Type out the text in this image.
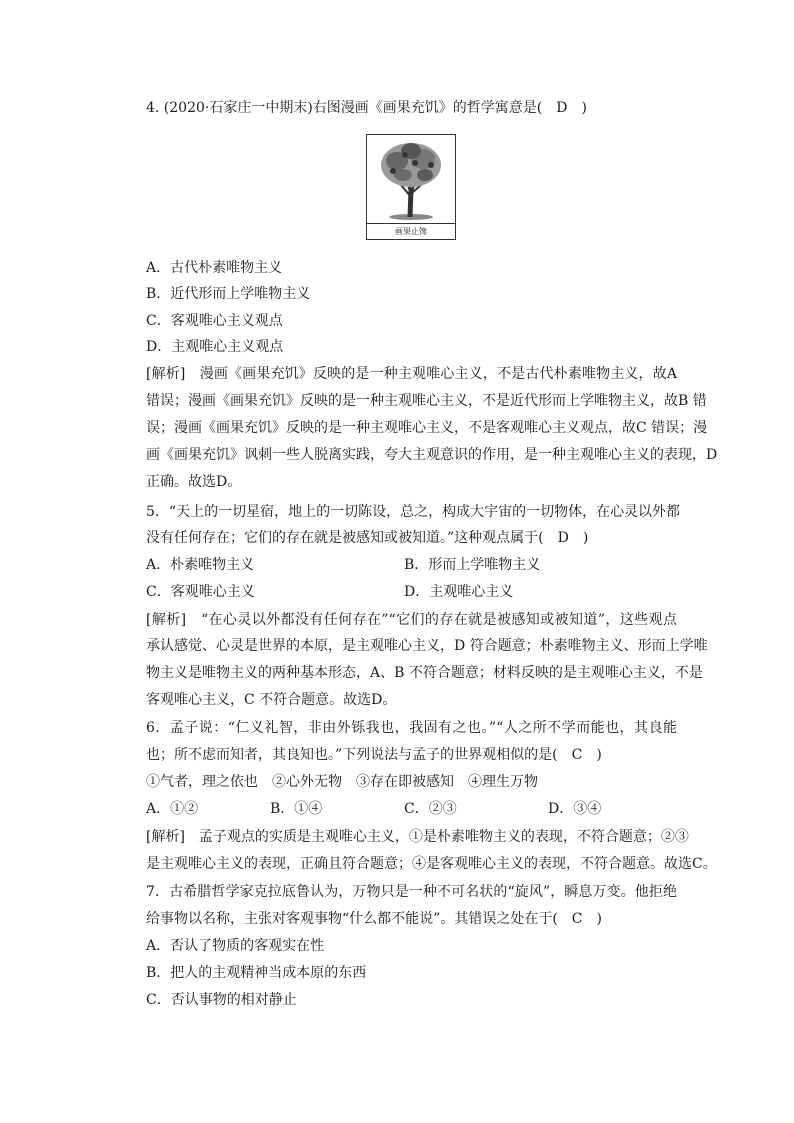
4. (2020·石家庄一中期末)右图漫画《画果充饥》的哲学寓意是(　D　)
画果止馋
A．古代朴素唯物主义
B．近代形而上学唯物主义
C．客观唯心主义观点
D．主观唯心主义观点
[解析]　漫画《画果充饥》反映的是一种主观唯心主义，不是古代朴素唯物主义，故A
错误；漫画《画果充饥》反映的是一种主观唯心主义，不是近代形而上学唯物主义，故B 错
误；漫画《画果充饥》反映的是一种主观唯心主义，不是客观唯心主义观点，故C 错误；漫
画《画果充饥》讽刺一些人脱离实践，夸大主观意识的作用，是一种主观唯心主义的表现，D
正确。故选D。
5．“天上的一切星宿，地上的一切陈设，总之，构成大宇宙的一切物体，在心灵以外都
没有任何存在；它们的存在就是被感知或被知道。”这种观点属于(　D　)
A．朴素唯物主义	B．形而上学唯物主义
C．客观唯心主义	D．主观唯心主义
[解析]　“在心灵以外都没有任何存在”“它们的存在就是被感知或被知道”，这些观点
承认感觉、心灵是世界的本原，是主观唯心主义，D 符合题意；朴素唯物主义、形而上学唯
物主义是唯物主义的两种基本形态，A、B 不符合题意；材料反映的是主观唯心主义，不是
客观唯心主义，C 不符合题意。故选D。
6．孟子说：“仁义礼智，非由外铄我也，我固有之也。”“人之所不学而能也，其良能
也；所不虑而知者，其良知也。”下列说法与孟子的世界观相似的是(　C　)
①气者，理之依也　②心外无物　③存在即被感知　④理生万物
A．①②	B．①④	C．②③	D．③④
[解析]　孟子观点的实质是主观唯心主义，①是朴素唯物主义的表现，不符合题意；②③
是主观唯心主义的表现，正确且符合题意；④是客观唯心主义的表现，不符合题意。故选C。
7．古希腊哲学家克拉底鲁认为，万物只是一种不可名状的“旋风”，瞬息万变。他拒绝
给事物以名称，主张对客观事物“什么都不能说”。其错误之处在于(　C　)
A．否认了物质的客观实在性
B．把人的主观精神当成本原的东西
C．否认事物的相对静止
